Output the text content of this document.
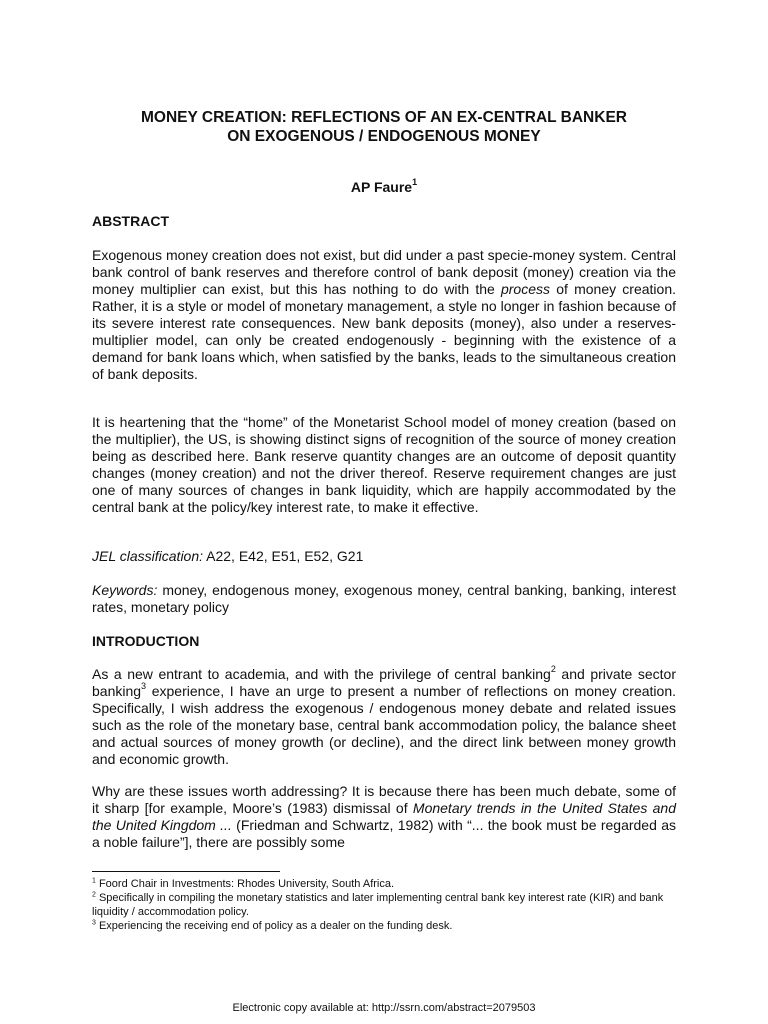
MONEY CREATION: REFLECTIONS OF AN EX-CENTRAL BANKER
ON EXOGENOUS / ENDOGENOUS MONEY
AP Faure$^1$
ABSTRACT

Exogenous money creation does not exist, but did under a past specie-money system. Central bank control of bank reserves and therefore control of bank deposit (money) creation via the money multiplier can exist, but this has nothing to do with the process of money creation. Rather, it is a style or model of monetary management, a style no longer in fashion because of its severe interest rate consequences. New bank deposits (money), also under a reserves-multiplier model, can only be created endogenously - beginning with the existence of a demand for bank loans which, when satisfied by the banks, leads to the simultaneous creation of bank deposits.

It is heartening that the “home” of the Monetarist School model of money creation (based on the multiplier), the US, is showing distinct signs of recognition of the source of money creation being as described here. Bank reserve quantity changes are an outcome of deposit quantity changes (money creation) and not the driver thereof. Reserve requirement changes are just one of many sources of changes in bank liquidity, which are happily accommodated by the central bank at the policy/key interest rate, to make it effective.

JEL classification: A22, E42, E51, E52, G21

Keywords: money, endogenous money, exogenous money, central banking, banking, interest rates, monetary policy

INTRODUCTION

As a new entrant to academia, and with the privilege of central banking$^2$ and private sector banking$^3$ experience, I have an urge to present a number of reflections on money creation. Specifically, I wish address the exogenous / endogenous money debate and related issues such as the role of the monetary base, central bank accommodation policy, the balance sheet and actual sources of money growth (or decline), and the direct link between money growth and economic growth.

Why are these issues worth addressing? It is because there has been much debate, some of it sharp [for example, Moore’s (1983) dismissal of Monetary trends in the United States and the United Kingdom ... (Friedman and Schwartz, 1982) with “... the book must be regarded as a noble failure”], there are possibly some

$^1$ Foord Chair in Investments: Rhodes University, South Africa.

$^2$ Specifically in compiling the monetary statistics and later implementing central bank key interest rate (KIR) and bank liquidity / accommodation policy.

$^3$ Experiencing the receiving end of policy as a dealer on the funding desk.

Electronic copy available at: http://ssrn.com/abstract=2079503
